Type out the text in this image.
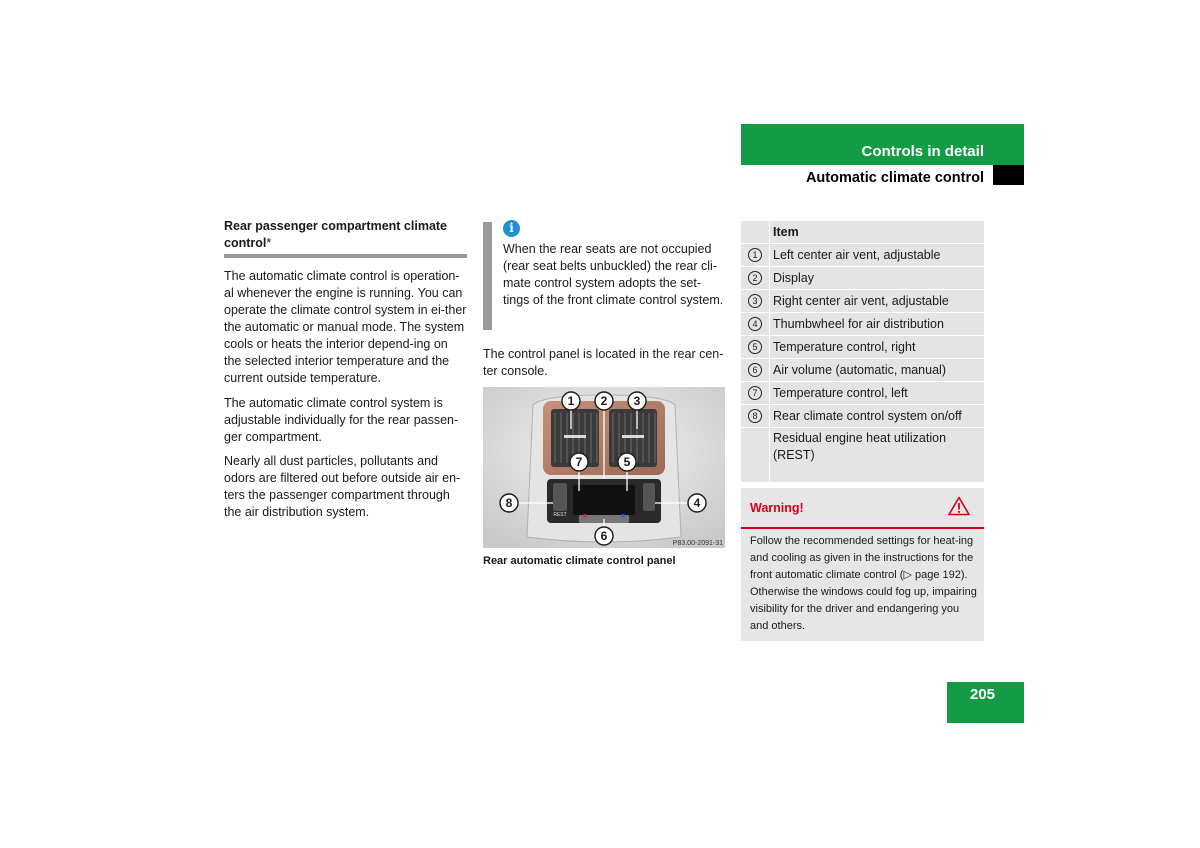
Controls in detail
Automatic climate control
Rear passenger compartment climate control*
The automatic climate control is operation-al whenever the engine is running. You can operate the climate control system in ei-ther the automatic or manual mode. The system cools or heats the interior depend-ing on the selected interior temperature and the current outside temperature.
The automatic climate control system is adjustable individually for the rear passen-ger compartment.
Nearly all dust particles, pollutants and odors are filtered out before outside air en-ters the passenger compartment through the air distribution system.
i
When the rear seats are not occupied (rear seat belts unbuckled) the rear cli-mate control system adopts the set-tings of the front climate control system.
The control panel is located in the rear cen-ter console.
REST
1 2 3
4
5
6
7
8
P83.00-2091-31
Rear automatic climate control panel
Item
1	Left center air vent, adjustable
2	Display
3	Right center air vent, adjustable
4	Thumbwheel for air distribution
5	Temperature control, right
6	Air volume (automatic, manual)
7	Temperature control, left
8	Rear climate control system on/off
Residual engine heat utilization (REST)
Warning!
Follow the recommended settings for heat-ing and cooling as given in the instructions for the front automatic climate control (▷ page 192). Otherwise the windows could fog up, impairing visibility for the driver and endangering you and others.
205
